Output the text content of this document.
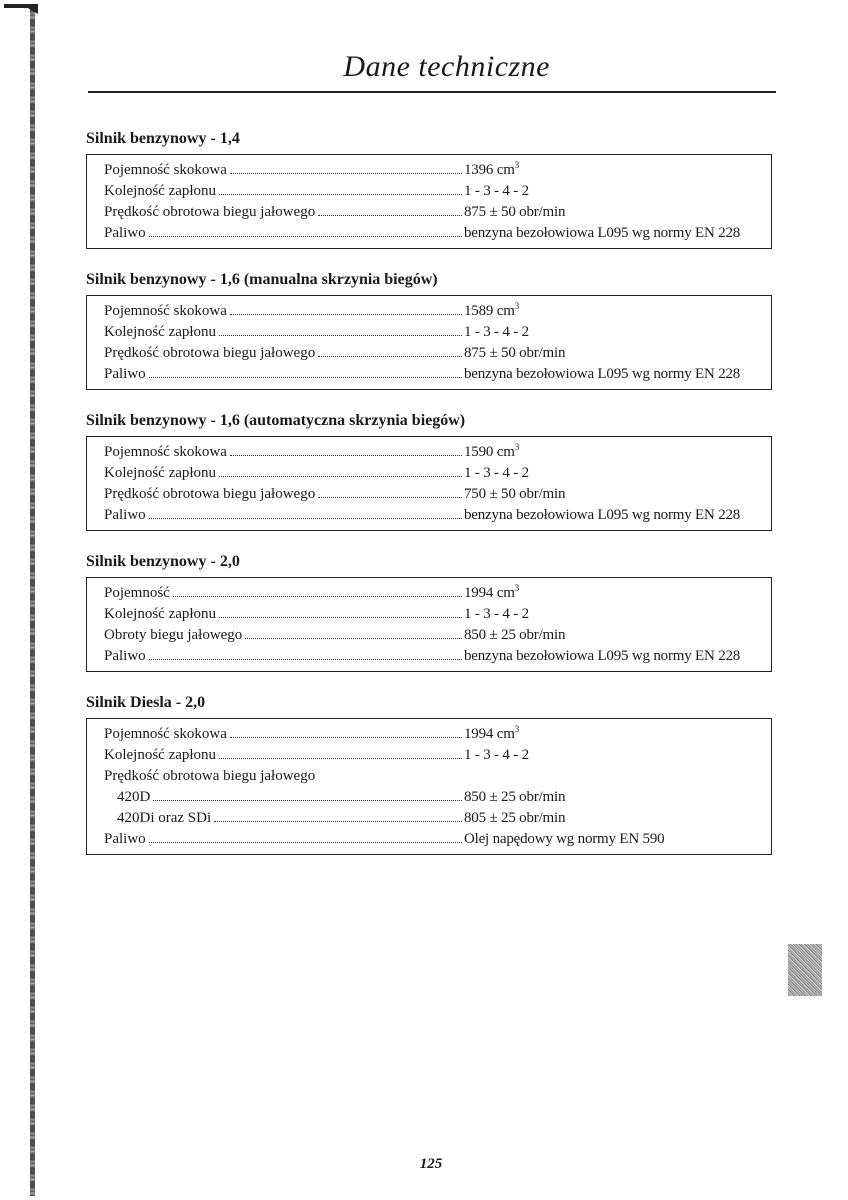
Dane techniczne
Silnik benzynowy - 1,4
Pojemność skokowa	1396 $cm^3$
Kolejność zapłonu	1 - 3 - 4 - 2
Prędkość obrotowa biegu jałowego	875 ± 50 obr/min
Paliwo	benzyna bezołowiowa L095 wg normy EN 228
Silnik benzynowy - 1,6 (manualna skrzynia biegów)
Pojemność skokowa	1589 $cm^3$
Kolejność zapłonu	1 - 3 - 4 - 2
Prędkość obrotowa biegu jałowego	875 ± 50 obr/min
Paliwo	benzyna bezołowiowa L095 wg normy EN 228
Silnik benzynowy - 1,6 (automatyczna skrzynia biegów)
Pojemność skokowa	1590 $cm^3$
Kolejność zapłonu	1 - 3 - 4 - 2
Prędkość obrotowa biegu jałowego	750 ± 50 obr/min
Paliwo	benzyna bezołowiowa L095 wg normy EN 228
Silnik benzynowy - 2,0
Pojemność	1994 $cm^3$
Kolejność zapłonu	1 - 3 - 4 - 2
Obroty biegu jałowego	850 ± 25 obr/min
Paliwo	benzyna bezołowiowa L095 wg normy EN 228
Silnik Diesla - 2,0
Pojemność skokowa	1994 $cm^3$
Kolejność zapłonu	1 - 3 - 4 - 2
Prędkość obrotowa biegu jałowego
420D	850 ± 25 obr/min
420Di oraz SDi	805 ± 25 obr/min
Paliwo	Olej napędowy wg normy EN 590
125
